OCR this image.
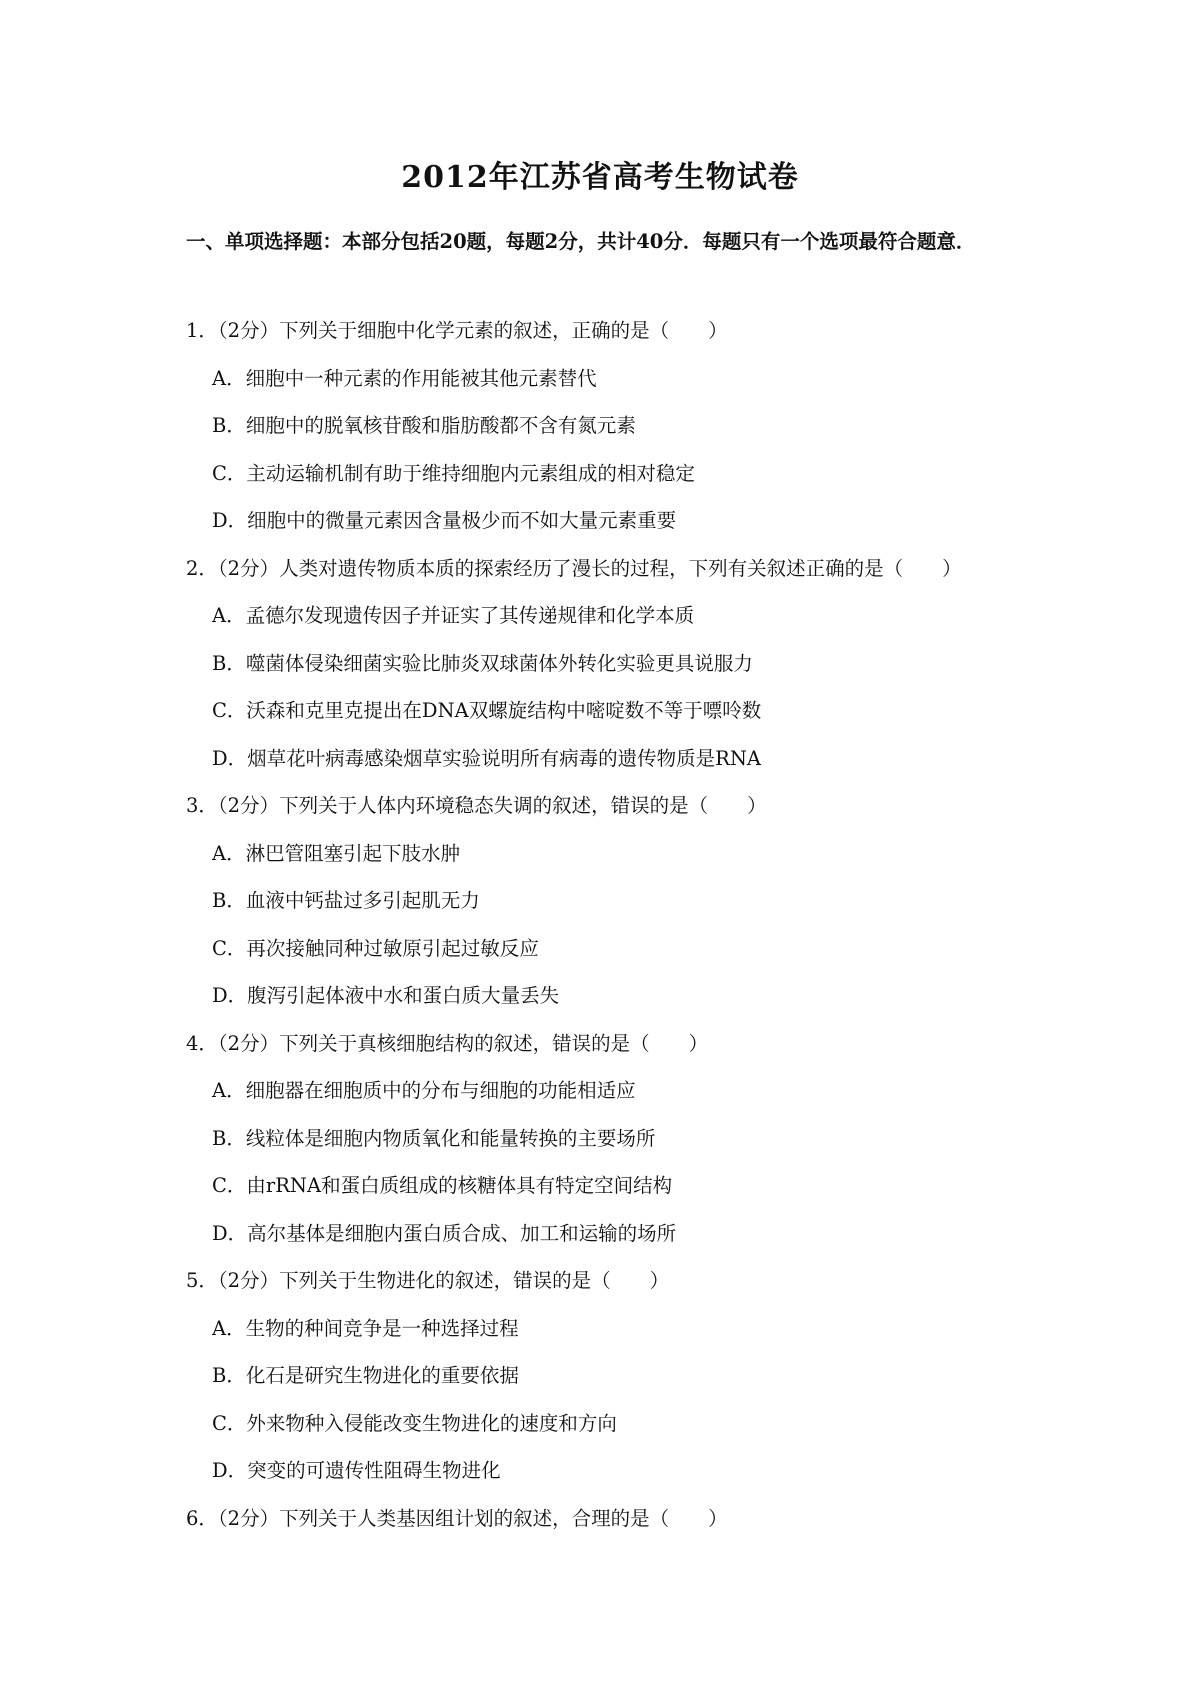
2012年江苏省高考生物试卷
一、单项选择题：本部分包括20题，每题2分，共计40分．每题只有一个选项最符合题意．
1．（2分）下列关于细胞中化学元素的叙述，正确的是（　　）
A．细胞中一种元素的作用能被其他元素替代
B．细胞中的脱氧核苷酸和脂肪酸都不含有氮元素
C．主动运输机制有助于维持细胞内元素组成的相对稳定
D．细胞中的微量元素因含量极少而不如大量元素重要
2．（2分）人类对遗传物质本质的探索经历了漫长的过程，下列有关叙述正确的是（　　）
A．孟德尔发现遗传因子并证实了其传递规律和化学本质
B．噬菌体侵染细菌实验比肺炎双球菌体外转化实验更具说服力
C．沃森和克里克提出在DNA双螺旋结构中嘧啶数不等于嘌呤数
D．烟草花叶病毒感染烟草实验说明所有病毒的遗传物质是RNA
3．（2分）下列关于人体内环境稳态失调的叙述，错误的是（　　）
A．淋巴管阻塞引起下肢水肿
B．血液中钙盐过多引起肌无力
C．再次接触同种过敏原引起过敏反应
D．腹泻引起体液中水和蛋白质大量丢失
4．（2分）下列关于真核细胞结构的叙述，错误的是（　　）
A．细胞器在细胞质中的分布与细胞的功能相适应
B．线粒体是细胞内物质氧化和能量转换的主要场所
C．由rRNA和蛋白质组成的核糖体具有特定空间结构
D．高尔基体是细胞内蛋白质合成、加工和运输的场所
5．（2分）下列关于生物进化的叙述，错误的是（　　）
A．生物的种间竞争是一种选择过程
B．化石是研究生物进化的重要依据
C．外来物种入侵能改变生物进化的速度和方向
D．突变的可遗传性阻碍生物进化
6．（2分）下列关于人类基因组计划的叙述，合理的是（　　）
